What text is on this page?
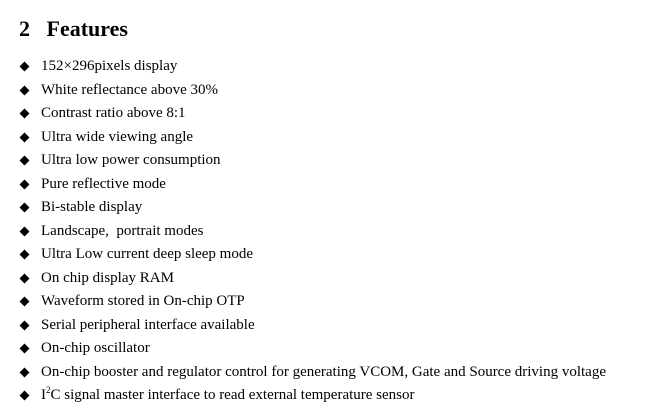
2 Features
152×296pixels display
White reflectance above 30%
Contrast ratio above 8:1
Ultra wide viewing angle
Ultra low power consumption
Pure reflective mode
Bi-stable display
Landscape,  portrait modes
Ultra Low current deep sleep mode
On chip display RAM
Waveform stored in On-chip OTP
Serial peripheral interface available
On-chip oscillator
On-chip booster and regulator control for generating VCOM, Gate and Source driving voltage
$I^2C$ signal master interface to read external temperature sensor
